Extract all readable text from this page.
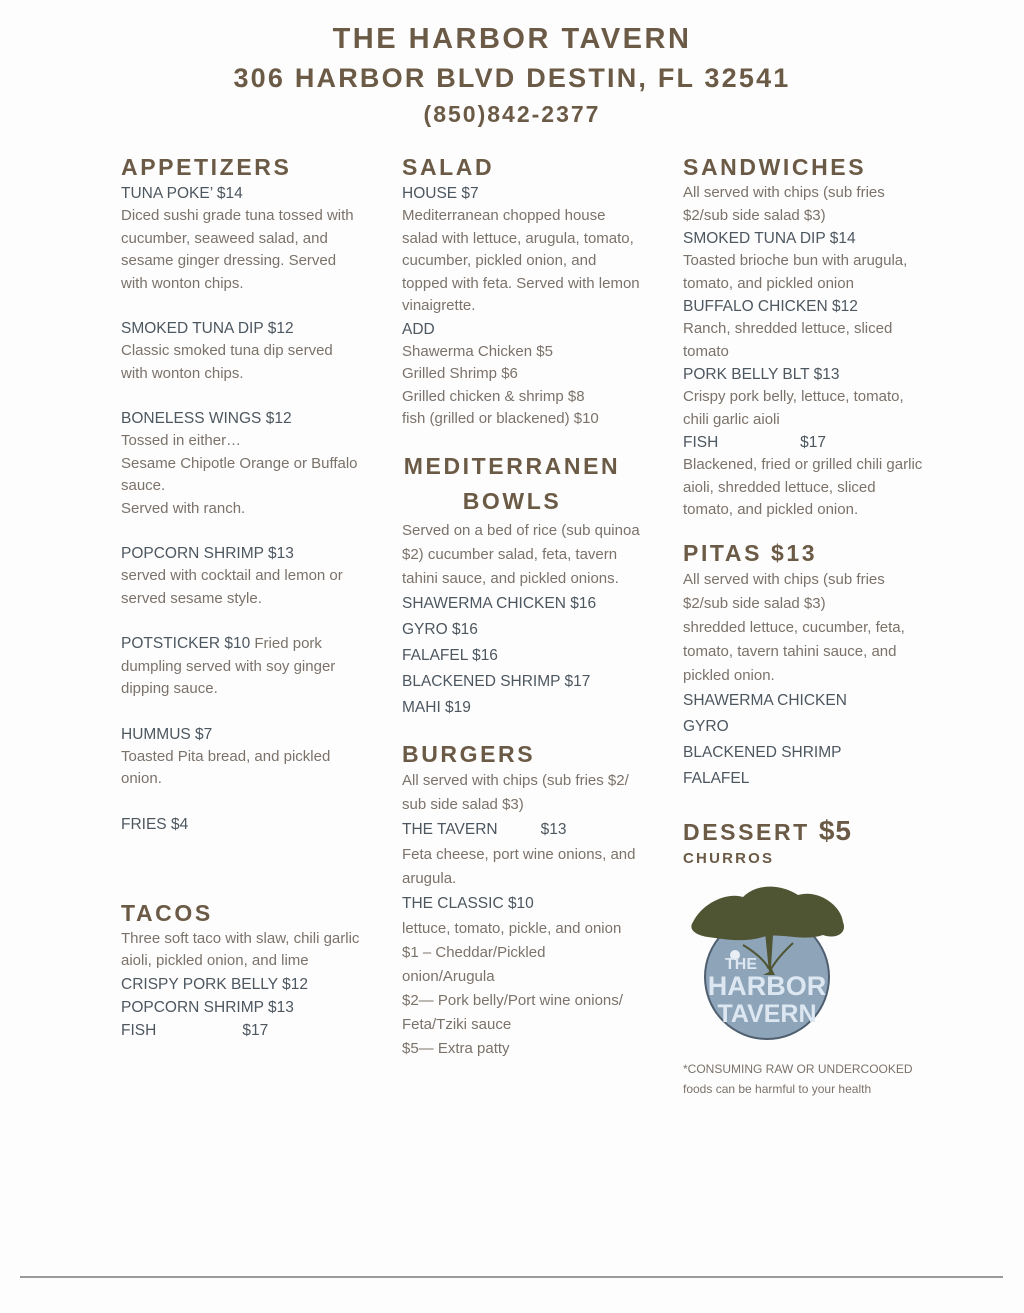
THE HARBOR TAVERN
306 HARBOR BLVD DESTIN, FL 32541
(850)842-2377
APPETIZERS
TUNA POKE’ $14
Diced sushi grade tuna tossed with cucumber, seaweed salad, and sesame ginger dressing. Served with wonton chips.
SMOKED TUNA DIP $12
Classic smoked tuna dip served with wonton chips.
BONELESS WINGS $12
Tossed in either…
Sesame Chipotle Orange or Buffalo sauce.
Served with ranch.
POPCORN SHRIMP $13
served with cocktail and lemon or served sesame style.
POTSTICKER $10 Fried pork dumpling served with soy ginger dipping sauce.
HUMMUS $7
Toasted Pita bread, and pickled onion.
FRIES $4
TACOS
Three soft taco with slaw, chili garlic aioli, pickled onion, and lime
CRISPY PORK BELLY $12
POPCORN SHRIMP $13
FISH                    $17
SALAD
HOUSE $7
Mediterranean chopped house salad with lettuce, arugula, tomato, cucumber, pickled onion, and topped with feta. Served with lemon vinaigrette.
ADD
Shawerma Chicken $5
Grilled Shrimp $6
Grilled chicken & shrimp $8
fish (grilled or blackened) $10
MEDITERRANEN
BOWLS
Served on a bed of rice (sub quinoa $2) cucumber salad, feta, tavern tahini sauce, and pickled onions.
SHAWERMA CHICKEN $16
GYRO $16
FALAFEL $16
BLACKENED SHRIMP $17
MAHI $19
BURGERS
All served with chips (sub fries $2/ sub side salad $3)
THE TAVERN          $13
Feta cheese, port wine onions, and arugula.
THE CLASSIC $10
lettuce, tomato, pickle, and onion
$1 – Cheddar/Pickled onion/Arugula
$2— Pork belly/Port wine onions/ Feta/Tziki sauce
$5— Extra patty
SANDWICHES
All served with chips (sub fries $2/sub side salad $3)
SMOKED TUNA DIP $14
Toasted brioche bun with arugula, tomato, and pickled onion
BUFFALO CHICKEN $12
Ranch, shredded lettuce, sliced tomato
PORK BELLY BLT $13
Crispy pork belly, lettuce, tomato, chili garlic aioli
FISH                   $17
Blackened, fried or grilled chili garlic aioli, shredded lettuce, sliced tomato, and pickled onion.
PITAS $13
All served with chips (sub fries $2/sub side salad $3)
shredded lettuce, cucumber, feta, tomato, tavern tahini sauce, and pickled onion.
SHAWERMA CHICKEN
GYRO
BLACKENED SHRIMP
FALAFEL
DESSERT $5
CHURROS
THE
HARBOR
TAVERN
*CONSUMING RAW OR UNDERCOOKED foods can be harmful to your health
